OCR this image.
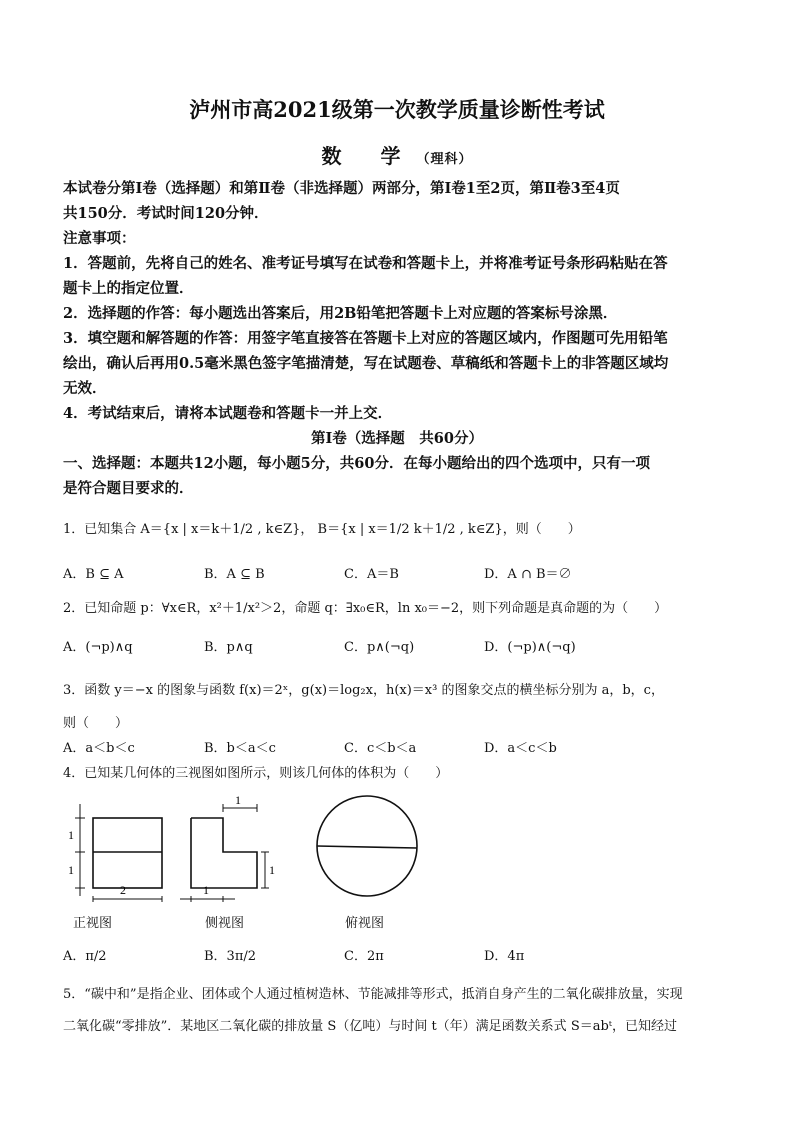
泸州市高2021级第一次教学质量诊断性考试
数 学（理科）
本试卷分第Ⅰ卷（选择题）和第Ⅱ卷（非选择题）两部分，第Ⅰ卷1至2页，第Ⅱ卷3至4页
共150分．考试时间120分钟．
注意事项：
1．答题前，先将自己的姓名、准考证号填写在试卷和答题卡上，并将准考证号条形码粘贴在答
题卡上的指定位置．
2．选择题的作答：每小题选出答案后，用2B铅笔把答题卡上对应题的答案标号涂黑．
3．填空题和解答题的作答：用签字笔直接答在答题卡上对应的答题区域内，作图题可先用铅笔
绘出，确认后再用0.5毫米黑色签字笔描清楚，写在试题卷、草稿纸和答题卡上的非答题区域均
无效．
4．考试结束后，请将本试题卷和答题卡一并上交．
第Ⅰ卷（选择题　共60分）
一、选择题：本题共12小题，每小题5分，共60分．在每小题给出的四个选项中，只有一项
是符合题目要求的．
1．已知集合 A＝{x | x＝k＋1/2 , k∈Z}， B＝{x | x＝1/2 k＋1/2 , k∈Z}，则（　　）
A．B ⊆ A	B．A ⊆ B	C．A＝B	D．A ∩ B＝∅
2．已知命题 p：∀x∈R，x²＋1/x²＞2，命题 q：∃x₀∈R，ln x₀＝−2，则下列命题是真命题的为（　　）
A．(¬p)∧q	B．p∧q	C．p∧(¬q)	D．(¬p)∧(¬q)
3．函数 y＝−x 的图象与函数 f(x)＝2ˣ，g(x)＝log₂x，h(x)＝x³ 的图象交点的横坐标分别为 a，b，c，
则（　　）
A．a＜b＜c	B．b＜a＜c	C．c＜b＜a	D．a＜c＜b
4．已知某几何体的三视图如图所示，则该几何体的体积为（　　）
1
1
2
1
1
1
正视图	侧视图	俯视图
A．π/2	B．3π/2	C．2π	D．4π
5．“碳中和”是指企业、团体或个人通过植树造林、节能减排等形式，抵消自身产生的二氧化碳排放量，实现
二氧化碳“零排放”．某地区二氧化碳的排放量 S（亿吨）与时间 t（年）满足函数关系式 S＝abᵗ，已知经过
